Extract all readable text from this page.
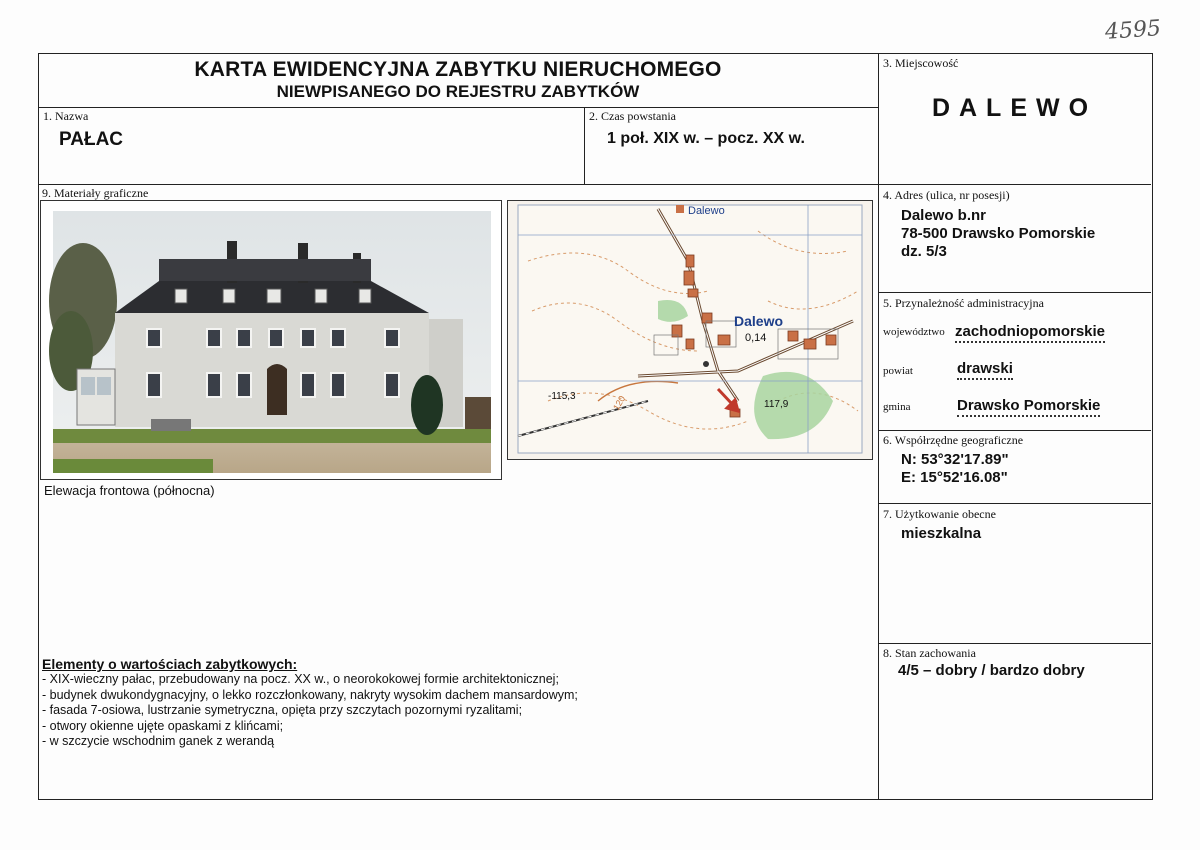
4595
KARTA EWIDENCYJNA ZABYTKU NIERUCHOMEGO
NIEWPISANEGO DO REJESTRU ZABYTKÓW
1. Nazwa
PAŁAC
2. Czas powstania
1 poł. XIX w. – pocz. XX w.
3. Miejscowość
DALEWO
4. Adres (ulica, nr posesji)
Dalewo b.nr
78-500 Drawsko Pomorskie
dz. 5/3
5. Przynależność administracyjna
województwo zachodniopomorskie
powiat	drawski
gmina	Drawsko Pomorskie
6. Współrzędne geograficzne
N: 53°32'17.89"
E: 15°52'16.08"
7. Użytkowanie obecne
mieszkalna
8. Stan zachowania
4/5 – dobry / bardzo dobry
9. Materiały graficzne
Elewacja frontowa (północna)
Dalewo
Dalewo
0,14
-115,3
117,9
120
Elementy o wartościach zabytkowych:
- XIX-wieczny pałac, przebudowany na pocz. XX w., o neorokokowej formie architektonicznej;
- budynek dwukondygnacyjny, o lekko rozczłonkowany, nakryty wysokim dachem mansardowym;
- fasada 7-osiowa, lustrzanie symetryczna, opięta przy szczytach pozornymi ryzalitami;
- otwory okienne ujęte opaskami z klińcami;
- w szczycie wschodnim ganek z werandą
